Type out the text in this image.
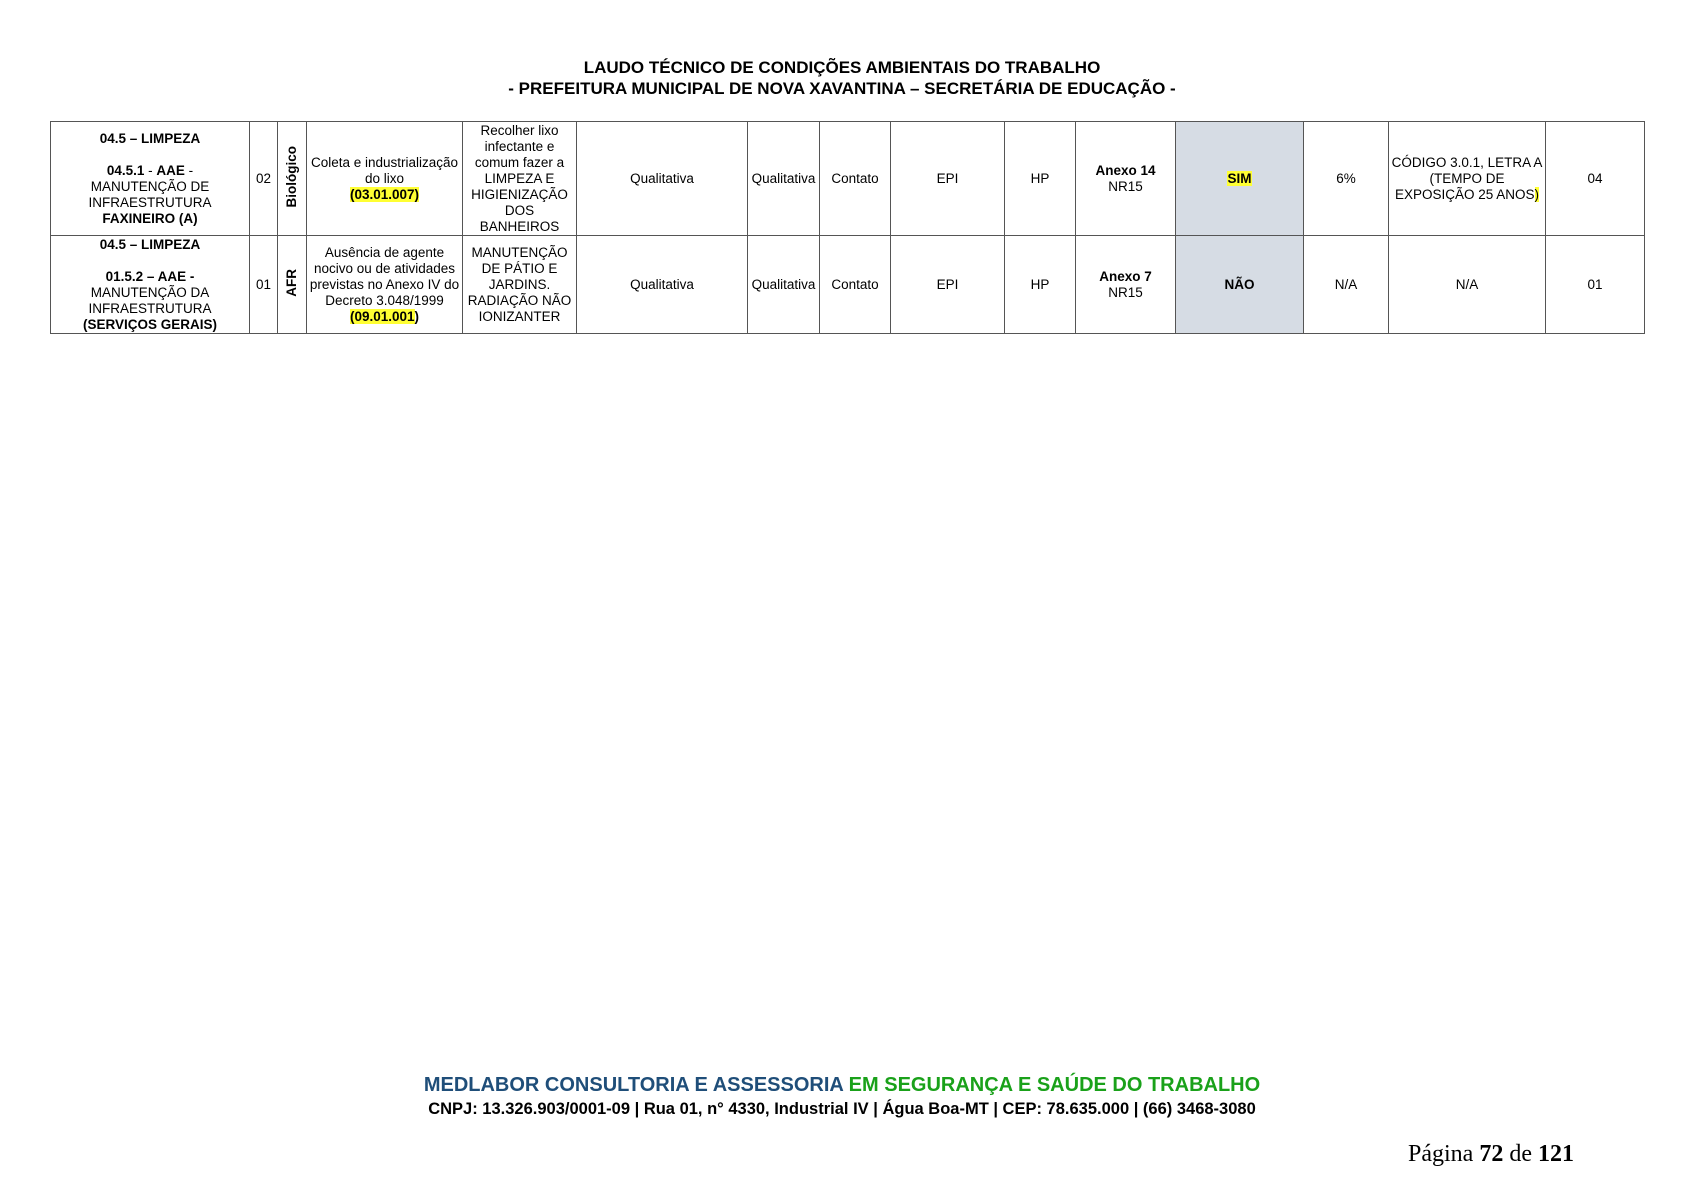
LAUDO TÉCNICO DE CONDIÇÕES AMBIENTAIS DO TRABALHO
- PREFEITURA MUNICIPAL DE NOVA XAVANTINA – SECRETÁRIA DE EDUCAÇÃO -
04.5 – LIMPEZA
04.5.1 - AAE -
MANUTENÇÃO DE
INFRAESTRUTURA
FAXINEIRO (A)	02	Biológico	Coleta e industrialização do lixo
(03.01.007)	Recolher lixo infectante e comum fazer a LIMPEZA E HIGIENIZAÇÃO DOS BANHEIROS	Qualitativa	Qualitativa	Contato	EPI	HP	Anexo 14
NR15	SIM	6%	CÓDIGO 3.0.1, LETRA A (TEMPO DE EXPOSIÇÃO 25 ANOS)	04

04.5 – LIMPEZA
01.5.2 – AAE -
MANUTENÇÃO DA
INFRAESTRUTURA
(SERVIÇOS GERAIS)	01	AFR	Ausência de agente nocivo ou de atividades previstas no Anexo IV do Decreto 3.048/1999
(09.01.001)	MANUTENÇÃO DE PÁTIO E JARDINS. RADIAÇÃO NÃO IONIZANTER	Qualitativa	Qualitativa	Contato	EPI	HP	Anexo 7
NR15	NÃO	N/A	N/A	01
MEDLABOR CONSULTORIA E ASSESSORIA EM SEGURANÇA E SAÚDE DO TRABALHO
CNPJ: 13.326.903/0001-09 | Rua 01, n° 4330, Industrial IV | Água Boa-MT | CEP: 78.635.000 | (66) 3468-3080
Página 72 de 121
